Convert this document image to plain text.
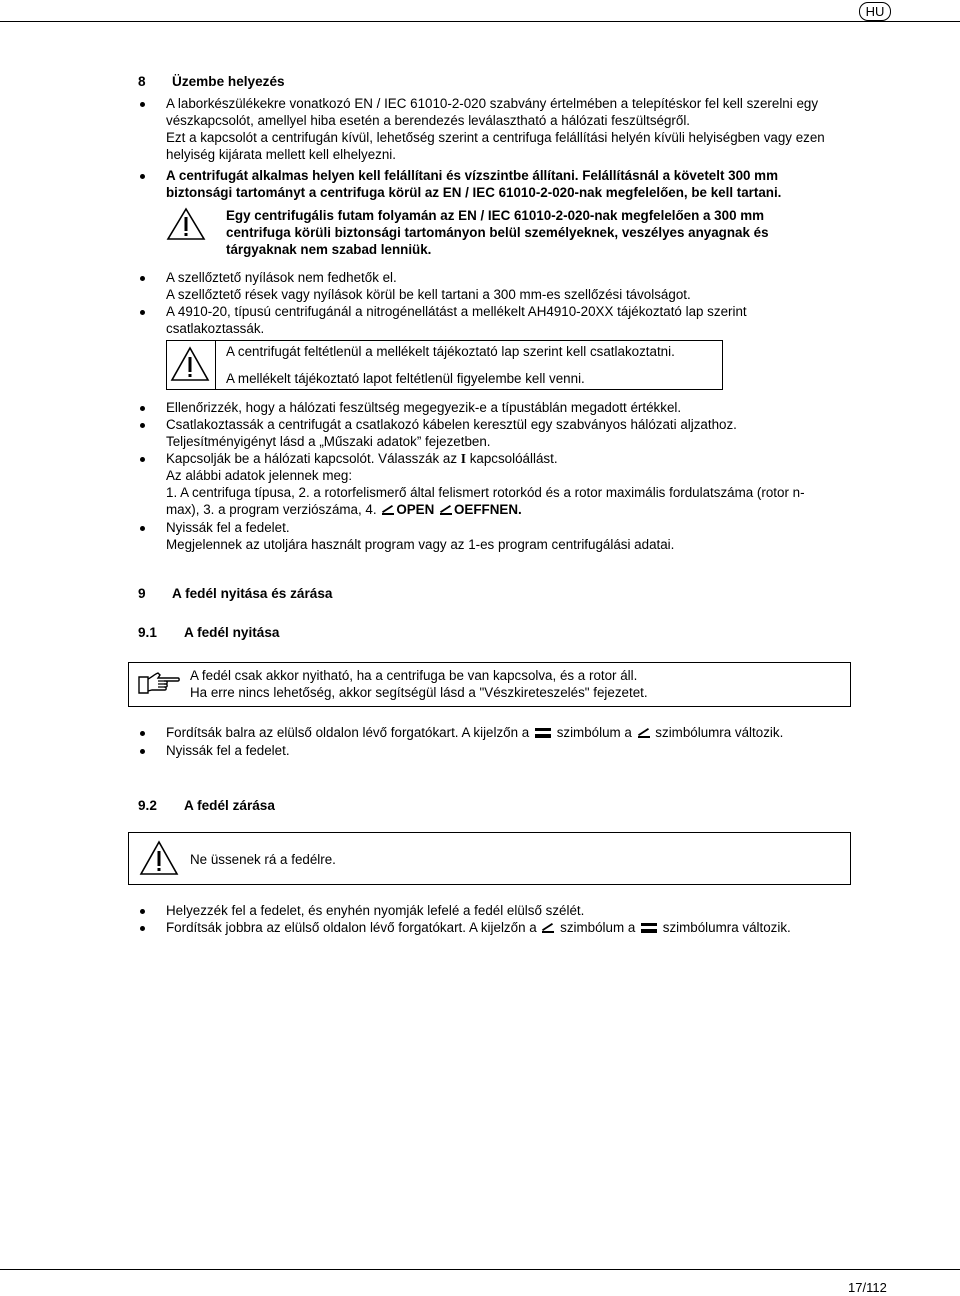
HU
8 Üzembe helyezés
A laborkészülékekre vonatkozó EN / IEC 61010-2-020 szabvány értelmében a telepítéskor fel kell szerelni egy
vészkapcsolót, amellyel hiba esetén a berendezés leválasztható a hálózati feszültségről.
Ezt a kapcsolót a centrifugán kívül, lehetőség szerint a centrifuga felállítási helyén kívüli helyiségben vagy ezen
helyiség kijárata mellett kell elhelyezni.
A centrifugát alkalmas helyen kell felállítani és vízszintbe állítani. Felállításnál a követelt 300 mm
biztonsági tartományt a centrifuga körül az EN / IEC 61010-2-020-nak megfelelően, be kell tartani.
Egy centrifugális futam folyamán az EN / IEC 61010-2-020-nak megfelelően a 300 mm
centrifuga körüli biztonsági tartományon belül személyeknek, veszélyes anyagnak és
tárgyaknak nem szabad lenniük.
A szellőztető nyílások nem fedhetők el.
A szellőztető rések vagy nyílások körül be kell tartani a 300 mm-es szellőzési távolságot.
A 4910-20, típusú centrifugánál a nitrogénellátást a mellékelt AH4910-20XX tájékoztató lap szerint
csatlakoztassák.
A centrifugát feltétlenül a mellékelt tájékoztató lap szerint kell csatlakoztatni.
A mellékelt tájékoztató lapot feltétlenül figyelembe kell venni.
Ellenőrizzék, hogy a hálózati feszültség megegyezik-e a típustáblán megadott értékkel.
Csatlakoztassák a centrifugát a csatlakozó kábelen keresztül egy szabványos hálózati aljzathoz.
Teljesítményigényt lásd a „Műszaki adatok” fejezetben.
Kapcsolják be a hálózati kapcsolót. Válasszák az I kapcsolóállást.
Az alábbi adatok jelennek meg:
1. A centrifuga típusa, 2. a rotorfelismerő által felismert rotorkód és a rotor maximális fordulatszáma (rotor n-
max), 3. a program verziószáma, 4. OPEN OEFFNEN.
Nyissák fel a fedelet.
Megjelennek az utoljára használt program vagy az 1-es program centrifugálási adatai.
9 A fedél nyitása és zárása
9.1 A fedél nyitása
A fedél csak akkor nyitható, ha a centrifuga be van kapcsolva, és a rotor áll.
Ha erre nincs lehetőség, akkor segítségül lásd a "Vészkireteszelés" fejezetet.
Fordítsák balra az elülső oldalon lévő forgatókart. A kijelzőn a  szimbólum a  szimbólumra változik.
Nyissák fel a fedelet.
9.2 A fedél zárása
Ne üssenek rá a fedélre.
Helyezzék fel a fedelet, és enyhén nyomják lefelé a fedél elülső szélét.
Fordítsák jobbra az elülső oldalon lévő forgatókart. A kijelzőn a  szimbólum a  szimbólumra változik.
17/112
